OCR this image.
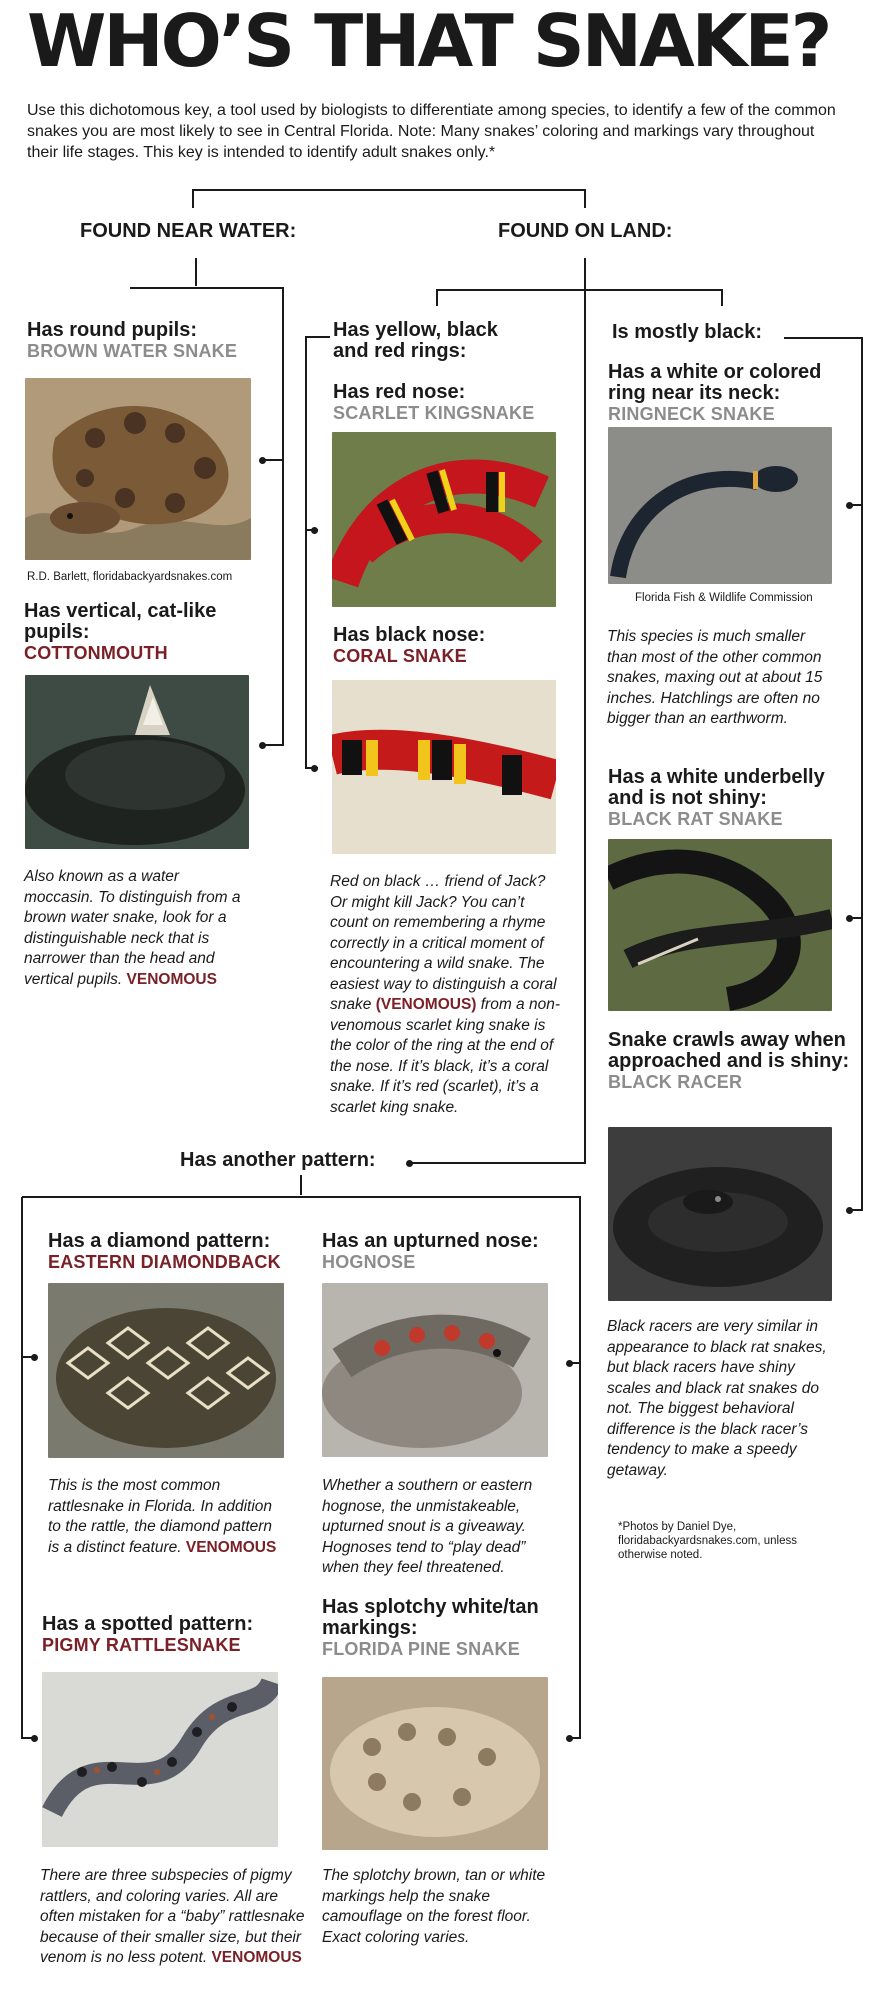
WHO’S THAT SNAKE?

Use this dichotomous key, a tool used by biologists to differentiate among species, to identify a few of the common snakes you are most likely to see in Central Florida. Note: Many snakes’ coloring and markings vary throughout their life stages. This key is intended to identify adult snakes only.*

FOUND NEAR WATER:	FOUND ON LAND:

Has round pupils:

BROWN WATER SNAKE

R.D. Barlett, floridabackyardsnakes.com

Has vertical, cat-like pupils:

COTTONMOUTH

Also known as a water moccasin. To distinguish from a brown water snake, look for a distinguishable neck that is narrower than the head and vertical pupils. VENOMOUS

Has yellow, black and red rings:

Has red nose:

SCARLET KINGSNAKE

Has black nose:

CORAL SNAKE

Red on black … friend of Jack? Or might kill Jack? You can’t count on remembering a rhyme correctly in a critical moment of encountering a wild snake. The easiest way to distinguish a coral snake (VENOMOUS) from a non-venomous scarlet king snake is the color of the ring at the end of the nose. If it’s black, it’s a coral snake. If it’s red (scarlet), it’s a scarlet king snake.

Is mostly black:

Has a white or colored ring near its neck:

RINGNECK SNAKE

Florida Fish & Wildlife Commission

This species is much smaller than most of the other common snakes, maxing out at about 15 inches. Hatchlings are often no bigger than an earthworm.

Has a white underbelly and is not shiny:

BLACK RAT SNAKE

Snake crawls away when approached and is shiny:

BLACK RACER

Black racers are very similar in appearance to black rat snakes, but black racers have shiny scales and black rat snakes do not. The biggest behavioral difference is the black racer’s tendency to make a speedy getaway.

*Photos by Daniel Dye, floridabackyardsnakes.com, unless otherwise noted.

Has another pattern:

Has a diamond pattern:

EASTERN DIAMONDBACK

This is the most common rattlesnake in Florida. In addition to the rattle, the diamond pattern is a distinct feature. VENOMOUS

Has an upturned nose:

HOGNOSE

Whether a southern or eastern hognose, the unmistakeable, upturned snout is a giveaway. Hognoses tend to “play dead” when they feel threatened.

Has a spotted pattern:

PIGMY RATTLESNAKE

There are three subspecies of pigmy rattlers, and coloring varies. All are often mistaken for a “baby” rattlesnake because of their smaller size, but their venom is no less potent. VENOMOUS

Has splotchy white/tan markings:

FLORIDA PINE SNAKE

The splotchy brown, tan or white markings help the snake camouflage on the forest floor. Exact coloring varies.
